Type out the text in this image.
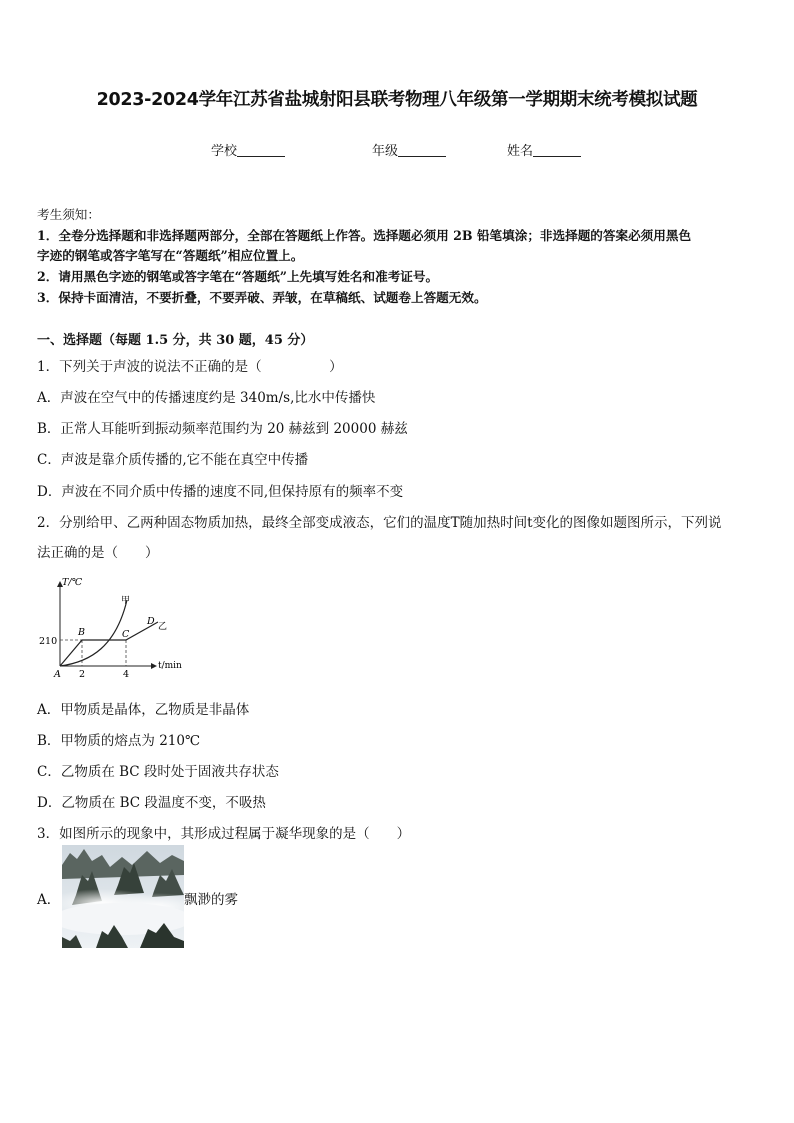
2023-2024学年江苏省盐城射阳县联考物理八年级第一学期期末统考模拟试题
学校	年级	姓名
考生须知：
1．全卷分选择题和非选择题两部分，全部在答题纸上作答。选择题必须用 2B 铅笔填涂；非选择题的答案必须用黑色
字迹的钢笔或答字笔写在“答题纸”相应位置上。
2．请用黑色字迹的钢笔或答字笔在“答题纸”上先填写姓名和准考证号。
3．保持卡面清洁，不要折叠，不要弄破、弄皱，在草稿纸、试题卷上答题无效。
一、选择题（每题 1.5 分，共 30 题，45 分）
1．下列关于声波的说法不正确的是（　　　　　）
A．声波在空气中的传播速度约是 340m/s,比水中传播快
B．正常人耳能听到振动频率范围约为 20 赫兹到 20000 赫兹
C．声波是靠介质传播的,它不能在真空中传播
D．声波在不同介质中传播的速度不同,但保持原有的频率不变
2．分别给甲、乙两种固态物质加热，最终全部变成液态，它们的温度T随加热时间t变化的图像如题图所示，下列说
法正确的是（　　）
T/℃
t/min
210
2	4
A
B	C
D
甲
乙
A．甲物质是晶体，乙物质是非晶体
B．甲物质的熔点为 210℃
C．乙物质在 BC 段时处于固液共存状态
D．乙物质在 BC 段温度不变，不吸热
3．如图所示的现象中，其形成过程属于凝华现象的是（　　）
A．	飘渺的雾
